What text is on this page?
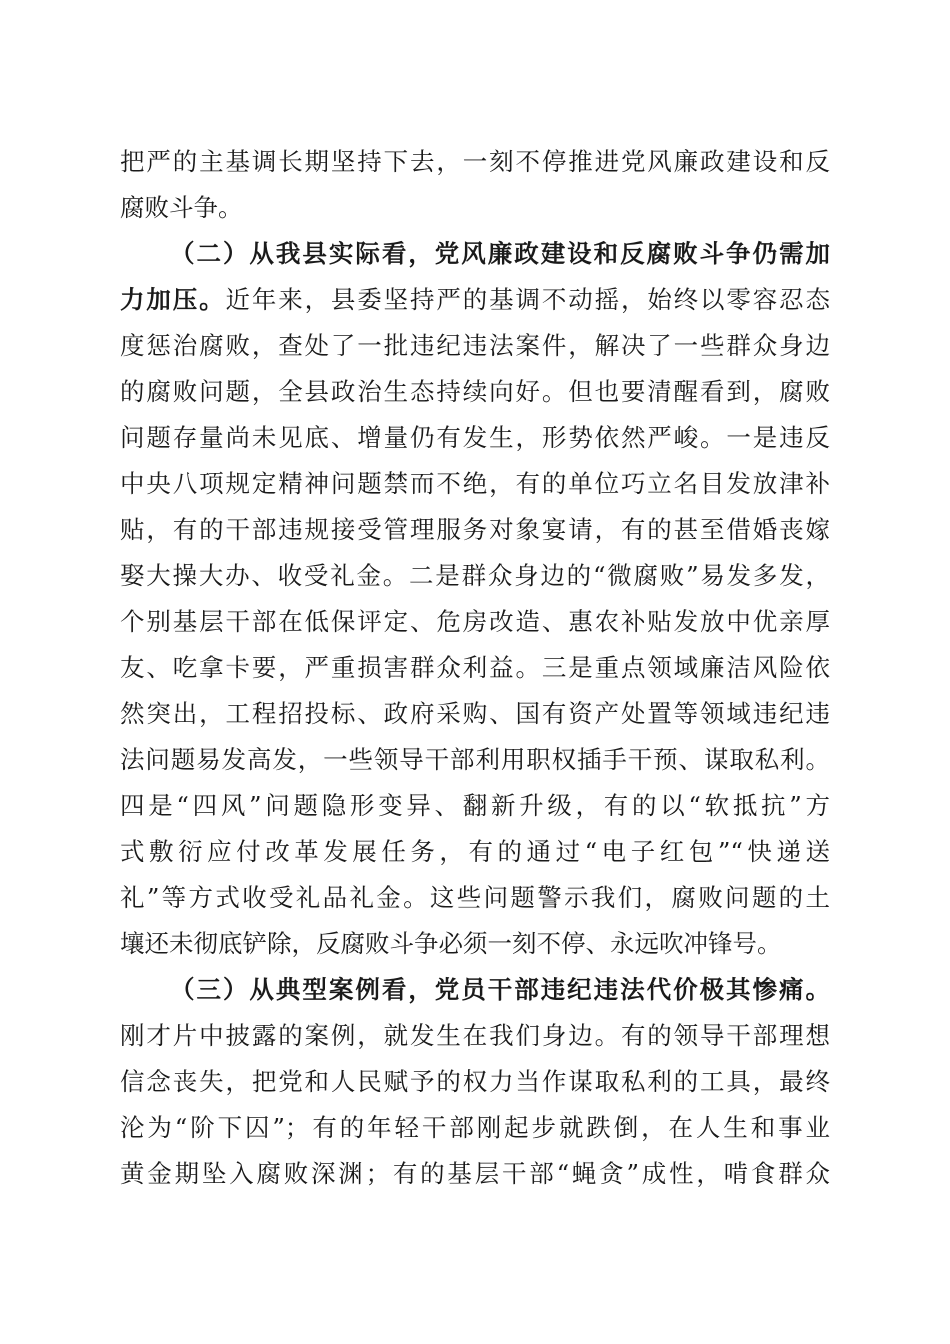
把严的主基调长期坚持下去，一刻不停推进党风廉政建设和反
腐败斗争。
（二）从我县实际看，党风廉政建设和反腐败斗争仍需加
力加压。近年来，县委坚持严的基调不动摇，始终以零容忍态
度惩治腐败，查处了一批违纪违法案件，解决了一些群众身边
的腐败问题，全县政治生态持续向好。但也要清醒看到，腐败
问题存量尚未见底、增量仍有发生，形势依然严峻。一是违反
中央八项规定精神问题禁而不绝，有的单位巧立名目发放津补
贴，有的干部违规接受管理服务对象宴请，有的甚至借婚丧嫁
娶大操大办、收受礼金。二是群众身边的“微腐败”易发多发，
个别基层干部在低保评定、危房改造、惠农补贴发放中优亲厚
友、吃拿卡要，严重损害群众利益。三是重点领域廉洁风险依
然突出，工程招投标、政府采购、国有资产处置等领域违纪违
法问题易发高发，一些领导干部利用职权插手干预、谋取私利。
四是“四风”问题隐形变异、翻新升级，有的以“软抵抗”方
式敷衍应付改革发展任务，有的通过“电子红包”“快递送
礼”等方式收受礼品礼金。这些问题警示我们，腐败问题的土
壤还未彻底铲除，反腐败斗争必须一刻不停、永远吹冲锋号。
（三）从典型案例看，党员干部违纪违法代价极其惨痛。
刚才片中披露的案例，就发生在我们身边。有的领导干部理想
信念丧失，把党和人民赋予的权力当作谋取私利的工具，最终
沦为“阶下囚”；有的年轻干部刚起步就跌倒，在人生和事业
黄金期坠入腐败深渊；有的基层干部“蝇贪”成性，啃食群众
